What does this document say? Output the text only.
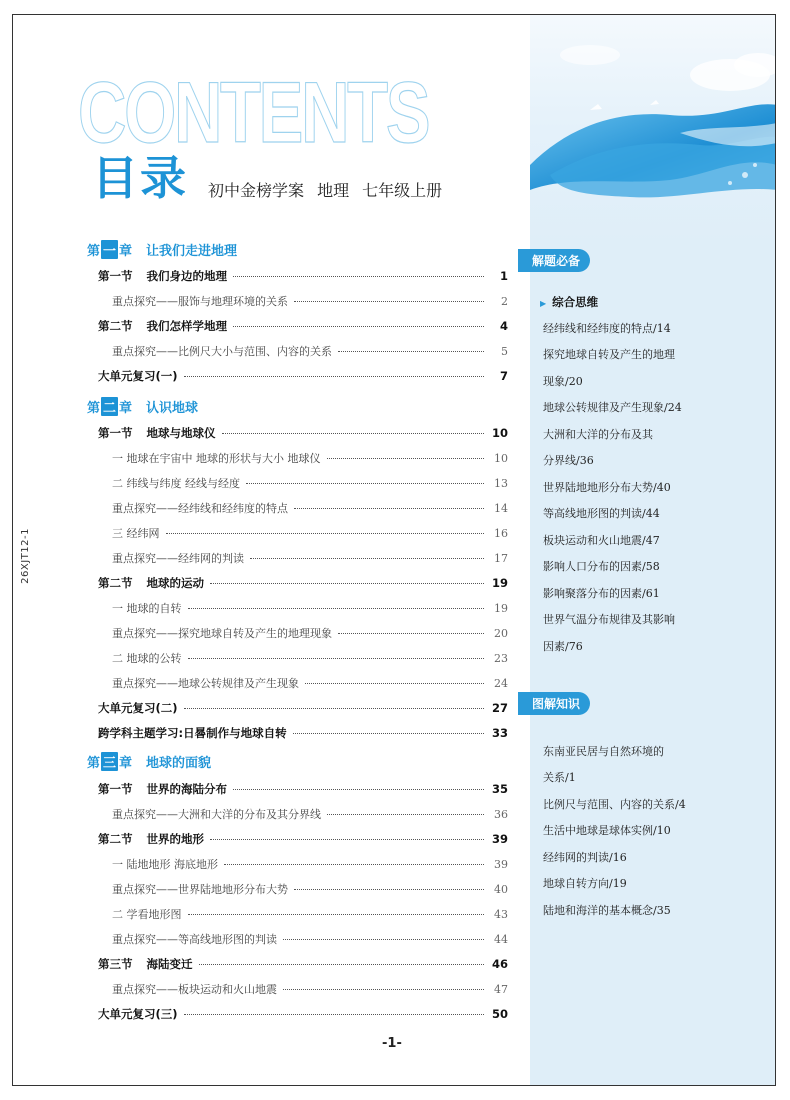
26XJT12-1
CONTENTS
目录 初中金榜学案 地理 七年级上册
第 一 章 让我们走进地理
第 二 章 认识地球
第 三 章 地球的面貌
第一节 我们身边的地理	1
重点探究——服饰与地理环境的关系	2
第二节 我们怎样学地理	4
重点探究——比例尺大小与范围、内容的关系	5
大单元复习(一)	7
第一节 地球与地球仪	10
一 地球在宇宙中 地球的形状与大小 地球仪	10
二 纬线与纬度 经线与经度	13
重点探究——经纬线和经纬度的特点	14
三 经纬网	16
重点探究——经纬网的判读	17
第二节 地球的运动	19
一 地球的自转	19
重点探究——探究地球自转及产生的地理现象	20
二 地球的公转	23
重点探究——地球公转规律及产生现象	24
大单元复习(二)	27
跨学科主题学习:日晷制作与地球自转	33
第一节 世界的海陆分布	35
重点探究——大洲和大洋的分布及其分界线	36
第二节 世界的地形	39
一 陆地地形 海底地形	39
重点探究——世界陆地地形分布大势	40
二 学看地形图	43
重点探究——等高线地形图的判读	44
第三节 海陆变迁	46
重点探究——板块运动和火山地震	47
大单元复习(三)	50
-1-
解题必备
▶ 综合思维
经纬线和经纬度的特点/14
探究地球自转及产生的地理
现象/20
地球公转规律及产生现象/24
大洲和大洋的分布及其
分界线/36
世界陆地地形分布大势/40
等高线地形图的判读/44
板块运动和火山地震/47
影响人口分布的因素/58
影响聚落分布的因素/61
世界气温分布规律及其影响
因素/76
图解知识
东南亚民居与自然环境的
关系/1
比例尺与范围、内容的关系/4
生活中地球是球体实例/10
经纬网的判读/16
地球自转方向/19
陆地和海洋的基本概念/35
